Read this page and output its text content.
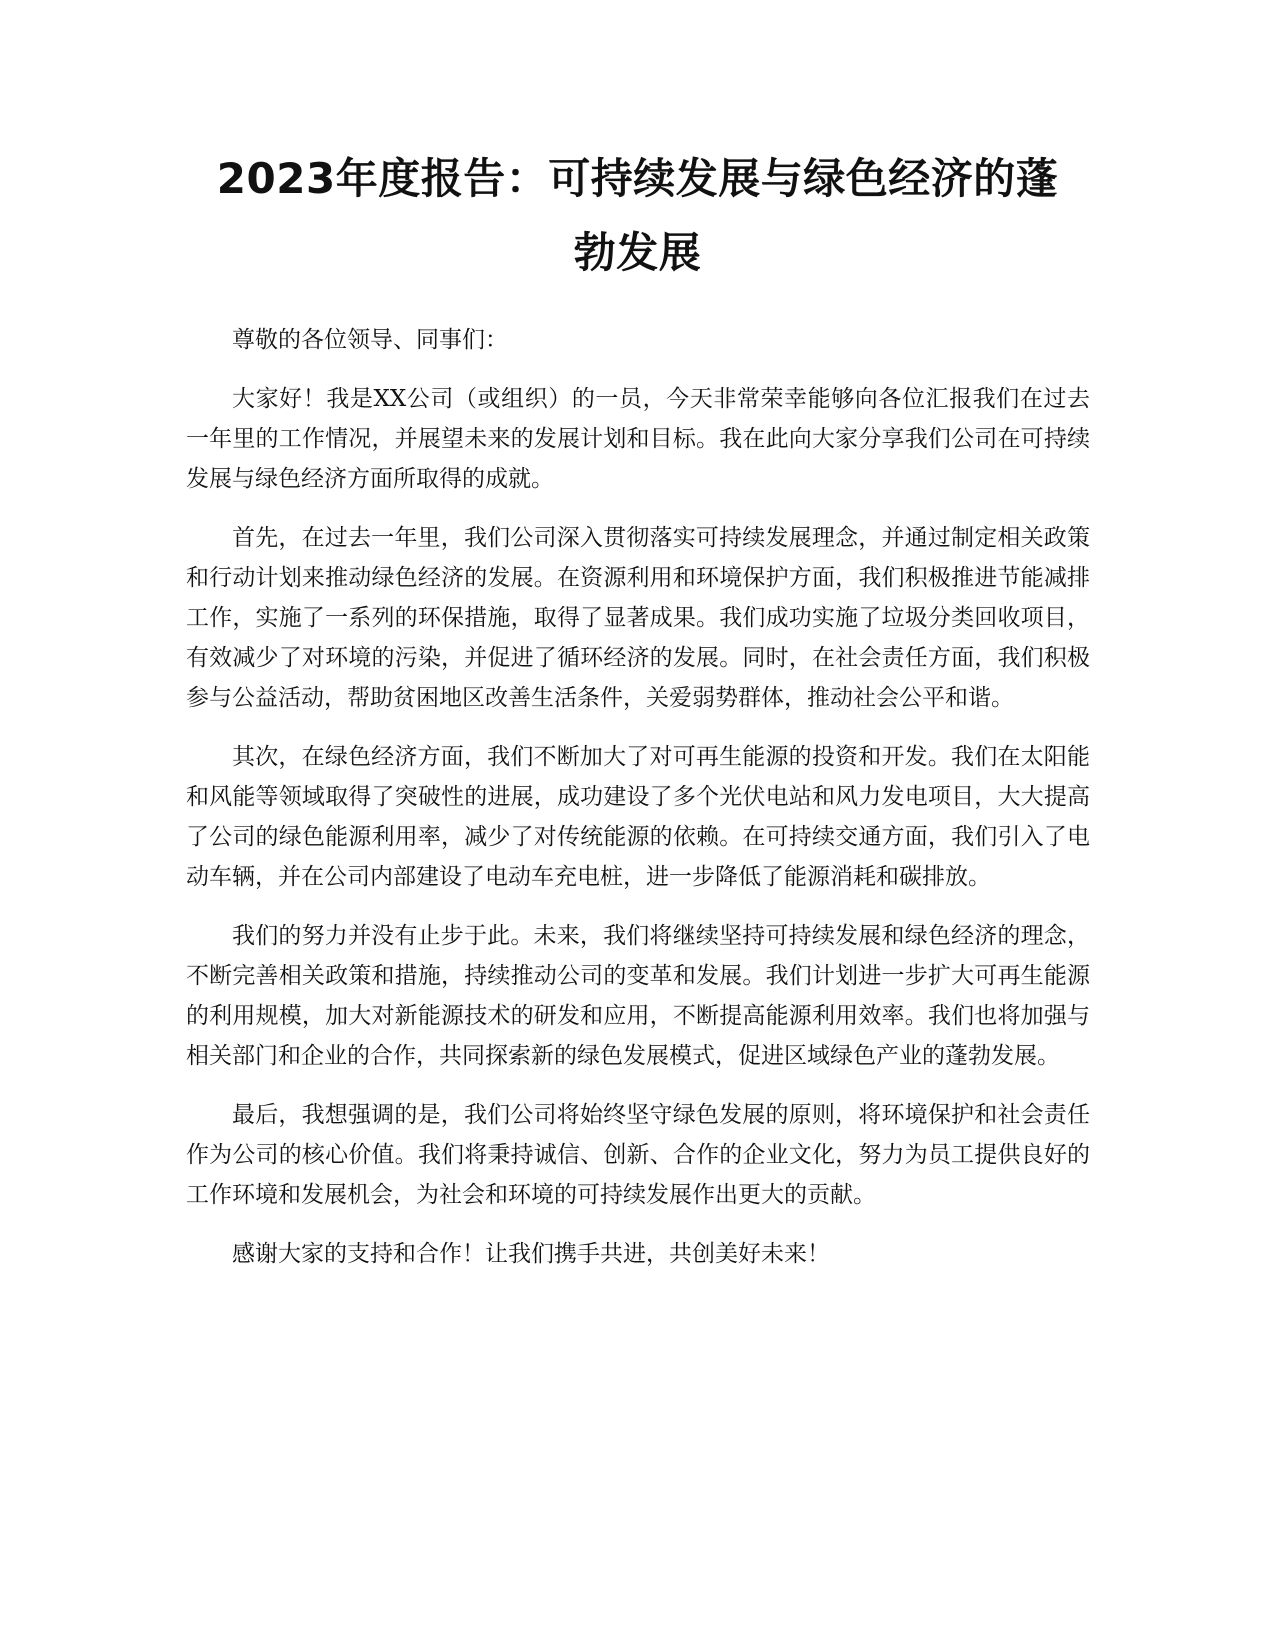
2023年度报告：可持续发展与绿色经济的蓬
勃发展

尊敬的各位领导、同事们：

大家好！我是XX公司（或组织）的一员，今天非常荣幸能够向各位汇报我们在过去一年里的工作情况，并展望未来的发展计划和目标。我在此向大家分享我们公司在可持续发展与绿色经济方面所取得的成就。

首先，在过去一年里，我们公司深入贯彻落实可持续发展理念，并通过制定相关政策和行动计划来推动绿色经济的发展。在资源利用和环境保护方面，我们积极推进节能减排工作，实施了一系列的环保措施，取得了显著成果。我们成功实施了垃圾分类回收项目，有效减少了对环境的污染，并促进了循环经济的发展。同时，在社会责任方面，我们积极参与公益活动，帮助贫困地区改善生活条件，关爱弱势群体，推动社会公平和谐。

其次，在绿色经济方面，我们不断加大了对可再生能源的投资和开发。我们在太阳能和风能等领域取得了突破性的进展，成功建设了多个光伏电站和风力发电项目，大大提高了公司的绿色能源利用率，减少了对传统能源的依赖。在可持续交通方面，我们引入了电动车辆，并在公司内部建设了电动车充电桩，进一步降低了能源消耗和碳排放。

我们的努力并没有止步于此。未来，我们将继续坚持可持续发展和绿色经济的理念，不断完善相关政策和措施，持续推动公司的变革和发展。我们计划进一步扩大可再生能源的利用规模，加大对新能源技术的研发和应用，不断提高能源利用效率。我们也将加强与相关部门和企业的合作，共同探索新的绿色发展模式，促进区域绿色产业的蓬勃发展。

最后，我想强调的是，我们公司将始终坚守绿色发展的原则，将环境保护和社会责任作为公司的核心价值。我们将秉持诚信、创新、合作的企业文化，努力为员工提供良好的工作环境和发展机会，为社会和环境的可持续发展作出更大的贡献。

感谢大家的支持和合作！让我们携手共进，共创美好未来！
